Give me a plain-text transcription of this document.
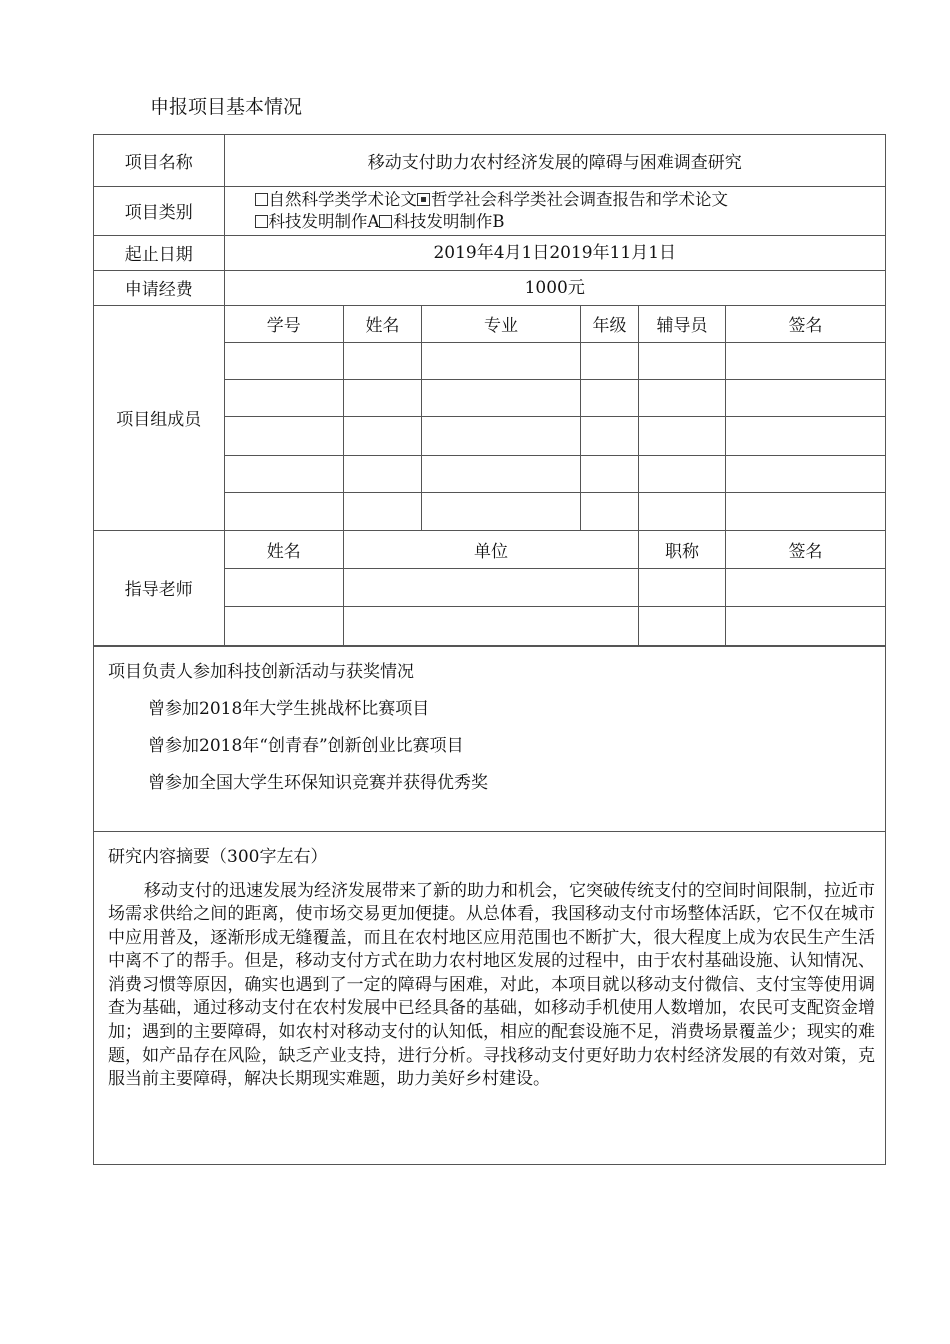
申报项目基本情况
项目名称	移动支付助力农村经济发展的障碍与困难调查研究
项目类别	
自然科学类学术论文 哲学社会科学类社会调查报告和学术论文
科技发明制作A 科技发明制作B

起止日期	2019年4月1日2019年11月1日
申请经费	1000元
项目组成员	
学号	姓名	专业	年级	辅导员	签名

指导老师	
姓名	单位	职称	签名

项目负责人参加科技创新活动与获奖情况
曾参加2018年大学生挑战杯比赛项目
曾参加2018年“创青春”创新创业比赛项目
曾参加全国大学生环保知识竞赛并获得优秀奖
研究内容摘要（300字左右）
移动支付的迅速发展为经济发展带来了新的助力和机会，它突破传统支付的空间时间限制，拉近市场需求供给之间的距离，使市场交易更加便捷。从总体看，我国移动支付市场整体活跃，它不仅在城市中应用普及，逐渐形成无缝覆盖，而且在农村地区应用范围也不断扩大，很大程度上成为农民生产生活中离不了的帮手。但是，移动支付方式在助力农村地区发展的过程中，由于农村基础设施、认知情况、消费习惯等原因，确实也遇到了一定的障碍与困难，对此，本项目就以移动支付微信、支付宝等使用调查为基础，通过移动支付在农村发展中已经具备的基础，如移动手机使用人数增加，农民可支配资金增加；遇到的主要障碍，如农村对移动支付的认知低，相应的配套设施不足，消费场景覆盖少；现实的难题，如产品存在风险，缺乏产业支持，进行分析。寻找移动支付更好助力农村经济发展的有效对策，克服当前主要障碍，解决长期现实难题，助力美好乡村建设。
